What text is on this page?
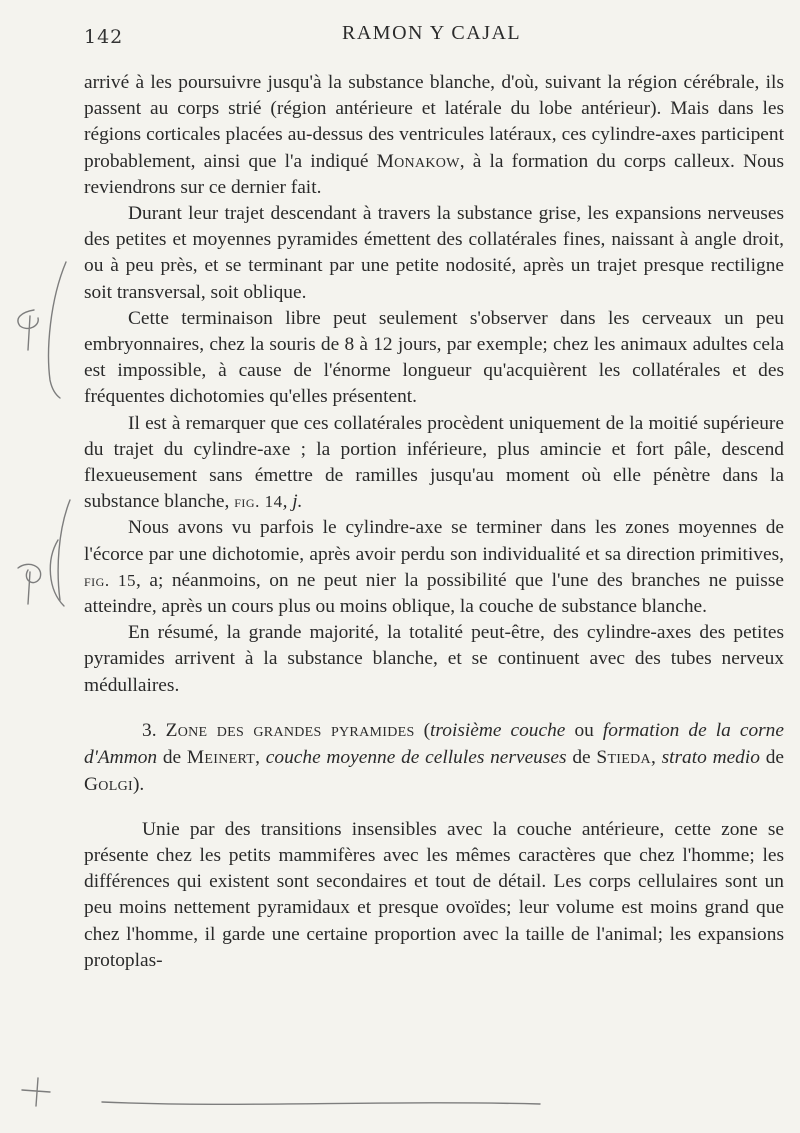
142	RAMON Y CAJAL

arrivé à les poursuivre jusqu'à la substance blanche, d'où, suivant la région cérébrale, ils passent au corps strié (région antérieure et latérale du lobe antérieur). Mais dans les régions corticales placées au-dessus des ventricules latéraux, ces cylindre-axes participent probablement, ainsi que l'a indiqué Monakow, à la formation du corps calleux. Nous reviendrons sur ce dernier fait.

Durant leur trajet descendant à travers la substance grise, les expansions nerveuses des petites et moyennes pyramides émettent des collatérales fines, naissant à angle droit, ou à peu près, et se terminant par une petite nodosité, après un trajet presque rectiligne soit transversal, soit oblique.

Cette terminaison libre peut seulement s'observer dans les cerveaux un peu embryonnaires, chez la souris de 8 à 12 jours, par exemple; chez les animaux adultes cela est impossible, à cause de l'énorme longueur qu'acquièrent les collatérales et des fréquentes dichotomies qu'elles présentent.

Il est à remarquer que ces collatérales procèdent uniquement de la moitié supérieure du trajet du cylindre-axe ; la portion inférieure, plus amincie et fort pâle, descend flexueusement sans émettre de ramilles jusqu'au moment où elle pénètre dans la substance blanche, fig. 14, j.

Nous avons vu parfois le cylindre-axe se terminer dans les zones moyennes de l'écorce par une dichotomie, après avoir perdu son individualité et sa direction primitives, fig. 15, a; néanmoins, on ne peut nier la possibilité que l'une des branches ne puisse atteindre, après un cours plus ou moins oblique, la couche de substance blanche.

En résumé, la grande majorité, la totalité peut-être, des cylindre-axes des petites pyramides arrivent à la substance blanche, et se continuent avec des tubes nerveux médullaires.

3. Zone des grandes pyramides (troisième couche ou formation de la corne d'Ammon de Meinert, couche moyenne de cellules nerveuses de Stieda, strato medio de Golgi).

Unie par des transitions insensibles avec la couche antérieure, cette zone se présente chez les petits mammifères avec les mêmes caractères que chez l'homme; les différences qui existent sont secondaires et tout de détail. Les corps cellulaires sont un peu moins nettement pyramidaux et presque ovoïdes; leur volume est moins grand que chez l'homme, il garde une certaine proportion avec la taille de l'animal; les expansions protoplas-
